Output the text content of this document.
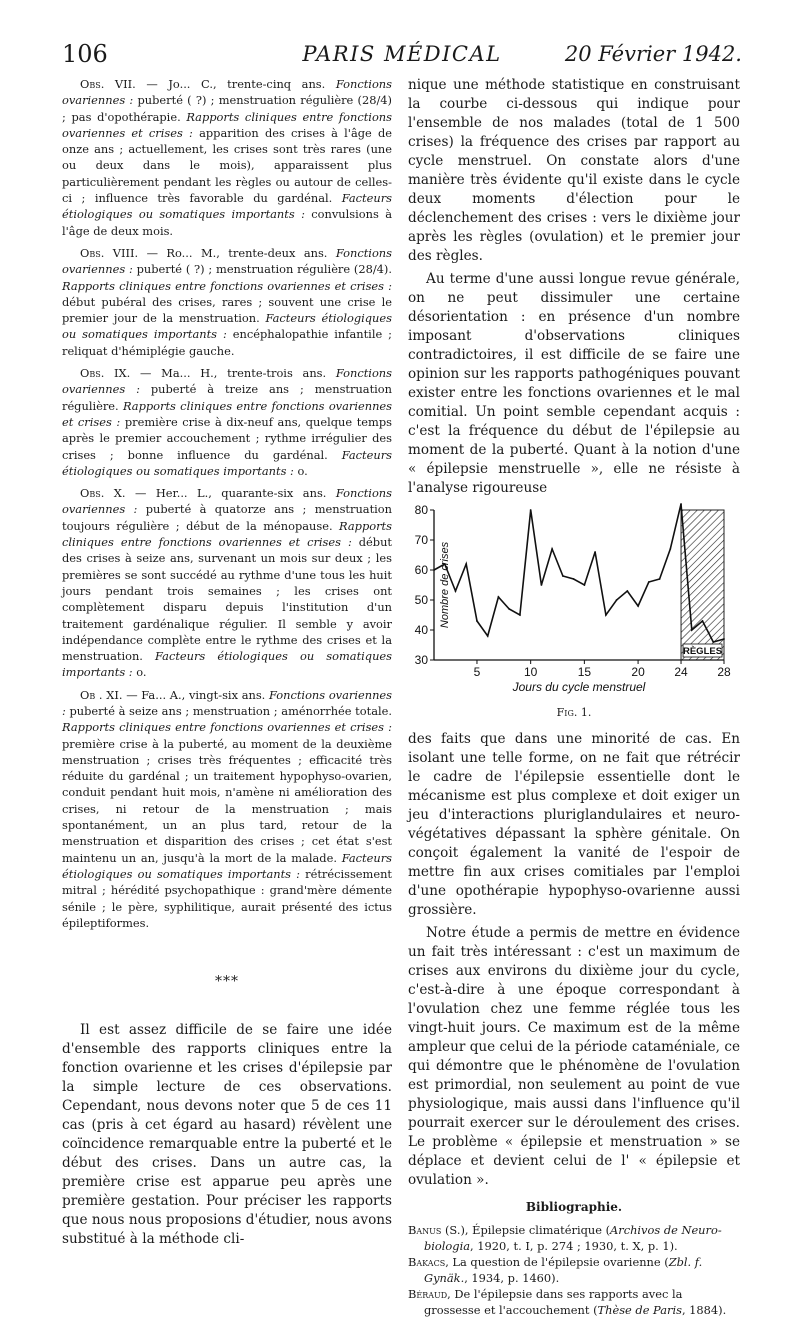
106	PARIS MÉDICAL	20 Février 1942.

Obs. VII. — Jo... C., trente-cinq ans. Fonctions ovariennes : puberté ( ?) ; menstruation régulière (28/4) ; pas d'opothérapie. Rapports cliniques entre fonctions ovariennes et crises : apparition des crises à l'âge de onze ans ; actuellement, les crises sont très rares (une ou deux dans le mois), apparaissent plus particulièrement pendant les règles ou autour de celles-ci ; influence très favorable du gardénal. Facteurs étiologiques ou somatiques importants : convulsions à l'âge de deux mois.

Obs. VIII. — Ro... M., trente-deux ans. Fonctions ovariennes : puberté ( ?) ; menstruation régulière (28/4). Rapports cliniques entre fonctions ovariennes et crises : début pubéral des crises, rares ; souvent une crise le premier jour de la menstruation. Facteurs étiologiques ou somatiques importants : encéphalopathie infantile ; reliquat d'hémiplégie gauche.

Obs. IX. — Ma... H., trente-trois ans. Fonctions ovariennes : puberté à treize ans ; menstruation régulière. Rapports cliniques entre fonctions ovariennes et crises : première crise à dix-neuf ans, quelque temps après le premier accouchement ; rythme irrégulier des crises ; bonne influence du gardénal. Facteurs étiologiques ou somatiques importants : o.

Obs. X. — Her... L., quarante-six ans. Fonctions ovariennes : puberté à quatorze ans ; menstruation toujours régulière ; début de la ménopause. Rapports cliniques entre fonctions ovariennes et crises : début des crises à seize ans, survenant un mois sur deux ; les premières se sont succédé au rythme d'une tous les huit jours pendant trois semaines ; les crises ont complètement disparu depuis l'institution d'un traitement gardénalique régulier. Il semble y avoir indépendance complète entre le rythme des crises et la menstruation. Facteurs étiologiques ou somatiques importants : o.

Ob . XI. — Fa... A., vingt-six ans. Fonctions ovariennes : puberté à seize ans ; menstruation ; aménorrhée totale. Rapports cliniques entre fonctions ovariennes et crises : première crise à la puberté, au moment de la deuxième menstruation ; crises très fréquentes ; efficacité très réduite du gardénal ; un traitement hypophyso-ovarien, conduit pendant huit mois, n'amène ni amélioration des crises, ni retour de la menstruation ; mais spontanément, un an plus tard, retour de la menstruation et disparition des crises ; cet état s'est maintenu un an, jusqu'à la mort de la malade. Facteurs étiologiques ou somatiques importants : rétrécissement mitral ; hérédité psychopathique : grand'mère démente sénile ; le père, syphilitique, aurait présenté des ictus épileptiformes.

⁎⁎⁎

Il est assez difficile de se faire une idée d'ensemble des rapports cliniques entre la fonction ovarienne et les crises d'épilepsie par la simple lecture de ces observations. Cependant, nous devons noter que 5 de ces 11 cas (pris à cet égard au hasard) révèlent une coïncidence remarquable entre la puberté et le début des crises. Dans un autre cas, la première crise est apparue peu après une première gestation. Pour préciser les rapports que nous nous proposions d'étudier, nous avons substitué à la méthode cli-

nique une méthode statistique en construisant la courbe ci-dessous qui indique pour l'ensemble de nos malades (total de 1 500 crises) la fréquence des crises par rapport au cycle menstruel. On constate alors d'une manière très évidente qu'il existe dans le cycle deux moments d'élection pour le déclenchement des crises : vers le dixième jour après les règles (ovulation) et le premier jour des règles.

Au terme d'une aussi longue revue générale, on ne peut dissimuler une certaine désorientation : en présence d'un nombre imposant d'observations cliniques contradictoires, il est difficile de se faire une opinion sur les rapports pathogéniques pouvant exister entre les fonctions ovariennes et le mal comitial. Un point semble cependant acquis : c'est la fréquence du début de l'épilepsie au moment de la puberté. Quant à la notion d'une « épilepsie menstruelle », elle ne résiste à l'analyse rigoureuse

30
40
50
60
70
80
5	10	15	20 24 28
Jours du cycle menstruel
Nombre de crises
RÈGLES
Fig. 1.

des faits que dans une minorité de cas. En isolant une telle forme, on ne fait que rétrécir le cadre de l'épilepsie essentielle dont le mécanisme est plus complexe et doit exiger un jeu d'interactions pluriglandulaires et neuro-végétatives dépassant la sphère génitale. On conçoit également la vanité de l'espoir de mettre fin aux crises comitiales par l'emploi d'une opothérapie hypophyso-ovarienne aussi grossière.

Notre étude a permis de mettre en évidence un fait très intéressant : c'est un maximum de crises aux environs du dixième jour du cycle, c'est-à-dire à une époque correspondant à l'ovulation chez une femme réglée tous les vingt-huit jours. Ce maximum est de la même ampleur que celui de la période cataméniale, ce qui démontre que le phénomène de l'ovulation est primordial, non seulement au point de vue physiologique, mais aussi dans l'influence qu'il pourrait exercer sur le déroulement des crises. Le problème « épilepsie et menstruation » se déplace et devient celui de l' « épilepsie et ovulation ».

Bibliographie.

Banus (S.), Épilepsie climatérique (Archivos de Neuro-biologia, 1920, t. I, p. 274 ; 1930, t. X, p. 1).

Bakacs, La question de l'épilepsie ovarienne (Zbl. f. Gynäk., 1934, p. 1460).

Béraud, De l'épilepsie dans ses rapports avec la grossesse et l'accouchement (Thèse de Paris, 1884).
